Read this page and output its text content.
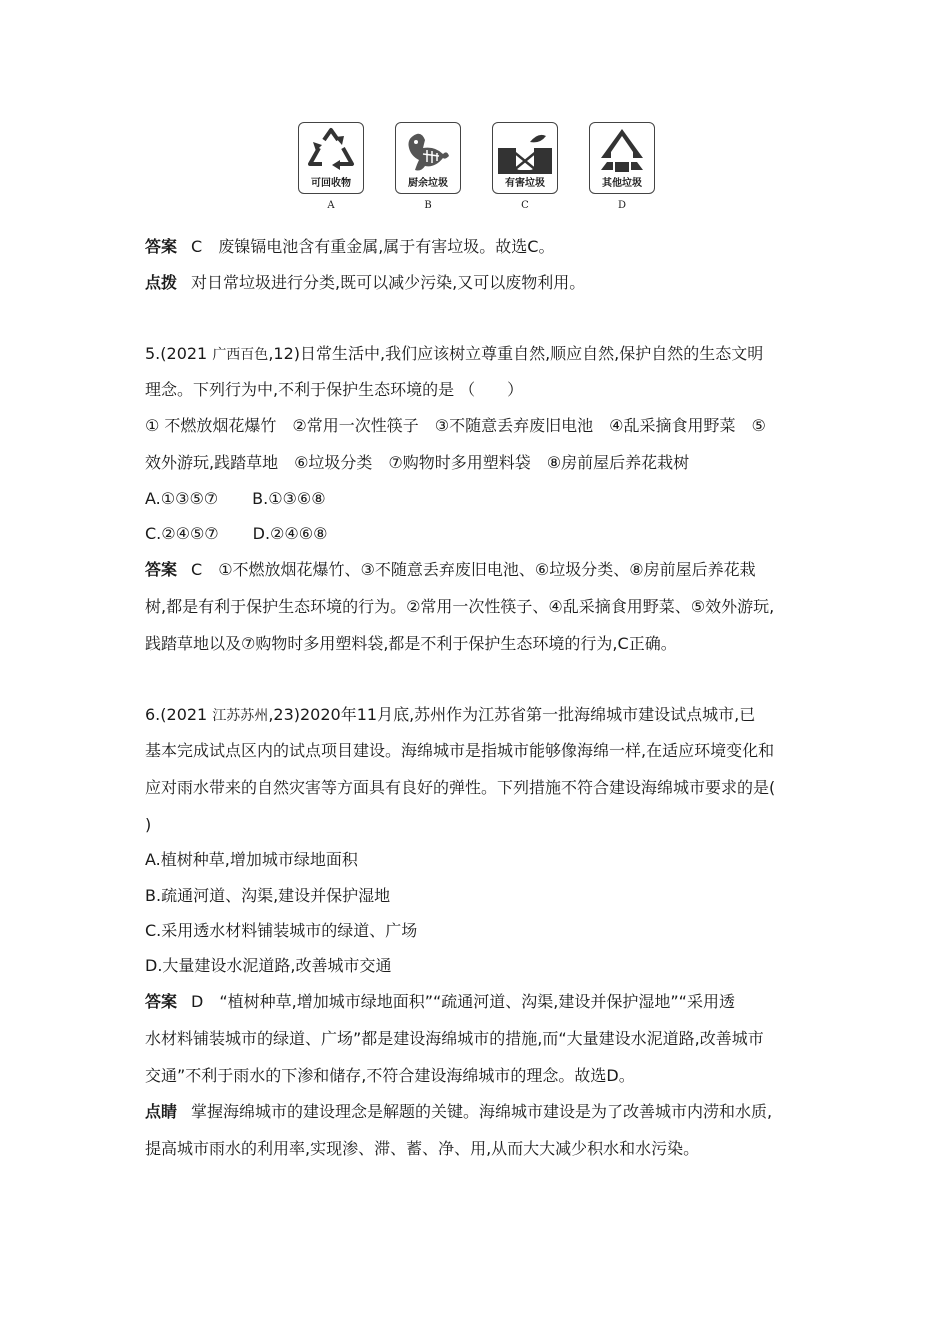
可回收物	厨余垃圾	有害垃圾	其他垃圾
A	B	C	D
答案 C　废镍镉电池含有重金属,属于有害垃圾。故选C。
点拨 对日常垃圾进行分类,既可以减少污染,又可以废物利用。
5.(2021 广西百色,12)日常生活中,我们应该树立尊重自然,顺应自然,保护自然的生态文明
理念。下列行为中,不利于保护生态环境的是 （　　）
① 不燃放烟花爆竹　②常用一次性筷子　③不随意丢弃废旧电池　④乱采摘食用野菜　⑤
效外游玩,践踏草地　⑥垃圾分类　⑦购物时多用塑料袋　⑧房前屋后养花栽树
A.①③⑤⑦ B.①③⑥⑧
C.②④⑤⑦ D.②④⑥⑧
答案 C　①不燃放烟花爆竹、③不随意丢弃废旧电池、⑥垃圾分类、⑧房前屋后养花栽
树,都是有利于保护生态环境的行为。②常用一次性筷子、④乱采摘食用野菜、⑤效外游玩,
践踏草地以及⑦购物时多用塑料袋,都是不利于保护生态环境的行为,C正确。
6.(2021 江苏苏州,23)2020年11月底,苏州作为江苏省第一批海绵城市建设试点城市,已
基本完成试点区内的试点项目建设。海绵城市是指城市能够像海绵一样,在适应环境变化和
应对雨水带来的自然灾害等方面具有良好的弹性。下列措施不符合建设海绵城市要求的是(
)
A.植树种草,增加城市绿地面积
B.疏通河道、沟渠,建设并保护湿地
C.采用透水材料铺装城市的绿道、广场
D.大量建设水泥道路,改善城市交通
答案 D　“植树种草,增加城市绿地面积”“疏通河道、沟渠,建设并保护湿地”“采用透
水材料铺装城市的绿道、广场”都是建设海绵城市的措施,而“大量建设水泥道路,改善城市
交通”不利于雨水的下渗和储存,不符合建设海绵城市的理念。故选D。
点睛 掌握海绵城市的建设理念是解题的关键。海绵城市建设是为了改善城市内涝和水质,
提高城市雨水的利用率,实现渗、滞、蓄、净、用,从而大大减少积水和水污染。
